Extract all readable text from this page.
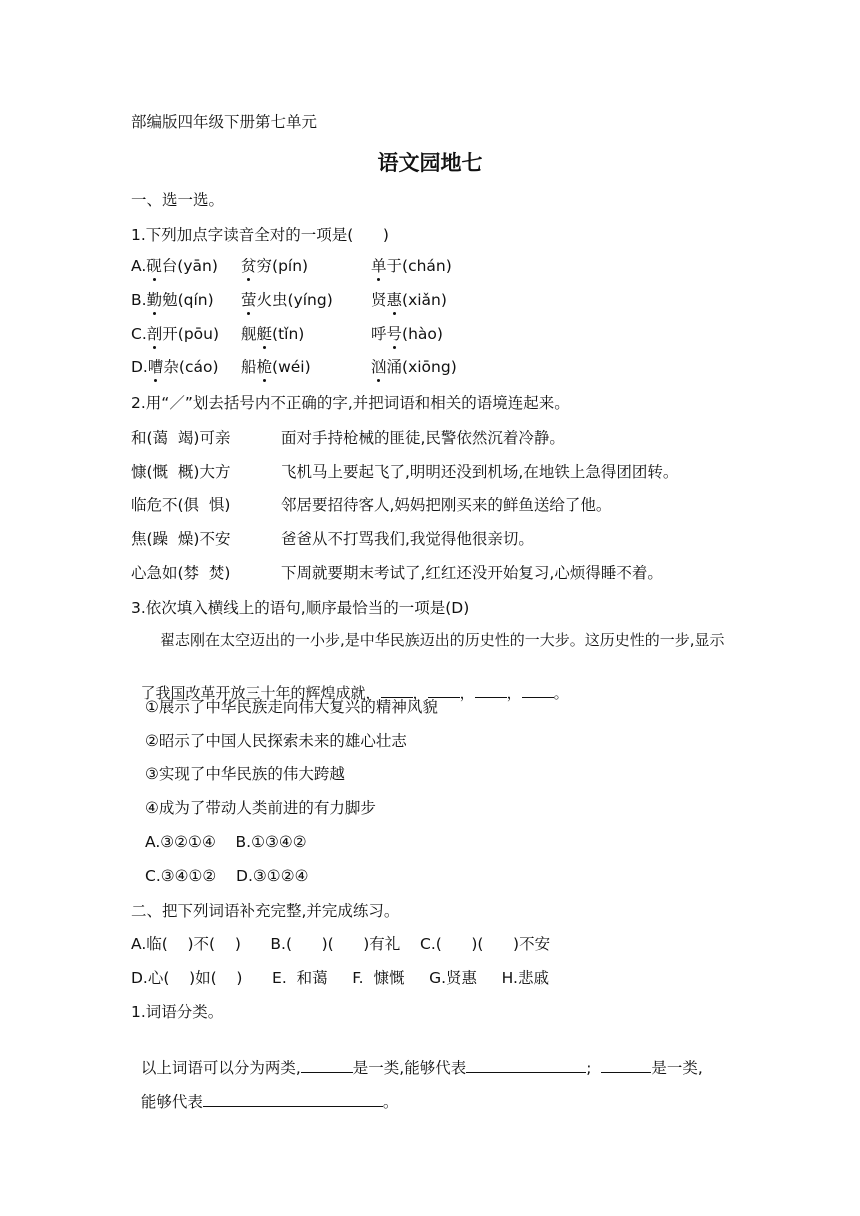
部编版四年级下册第七单元
语文园地七
一、选一选。
1.下列加点字读音全对的一项是(      )
A.砚台(yān) 贫穷(pín)	单于(chán)
B.勤勉(qín) 萤火虫(yíng) 贤惠(xiǎn)
C.剖开(pōu) 舰艇(tǐn)	呼号(hào)
D.嘈杂(cáo) 船桅(wéi)	汹涌(xiōng)
2.用“／”划去括号内不正确的字,并把词语和相关的语境连起来。
和(蔼  竭)可亲	面对手持枪械的匪徒,民警依然沉着冷静。
慷(慨  概)大方	飞机马上要起飞了,明明还没到机场,在地铁上急得团团转。
临危不(俱  惧)	邻居要招待客人,妈妈把刚买来的鲜鱼送给了他。
焦(躁  燥)不安	爸爸从不打骂我们,我觉得他很亲切。
心急如(棼  焚)	下周就要期末考试了,红红还没开始复习,心烦得睡不着。
3.依次填入横线上的语句,顺序最恰当的一项是(D)
翟志刚在太空迈出的一小步,是中华民族迈出的历史性的一大步。这历史性的一步,显示

了我国改革开放三十年的辉煌成就， ， ， ， 。

①展示了中华民族走向伟大复兴的精神风貌
②昭示了中国人民探索未来的雄心壮志
③实现了中华民族的伟大跨越
④成为了带动人类前进的有力脚步
A.③②①④    B.①③④②
C.③④①②    D.③①②④
二、把下列词语补充完整,并完成练习。
A.临(    )不(    )      B.(      )(      )有礼    C.(      )(      )不安
D.心(    )如(    )      E.  和蔼     F.  慷慨     G.贤惠     H.悲戚
1.词语分类。

以上词语可以分为两类,	是一类,能够代表	;	是一类,

能够代表	。
